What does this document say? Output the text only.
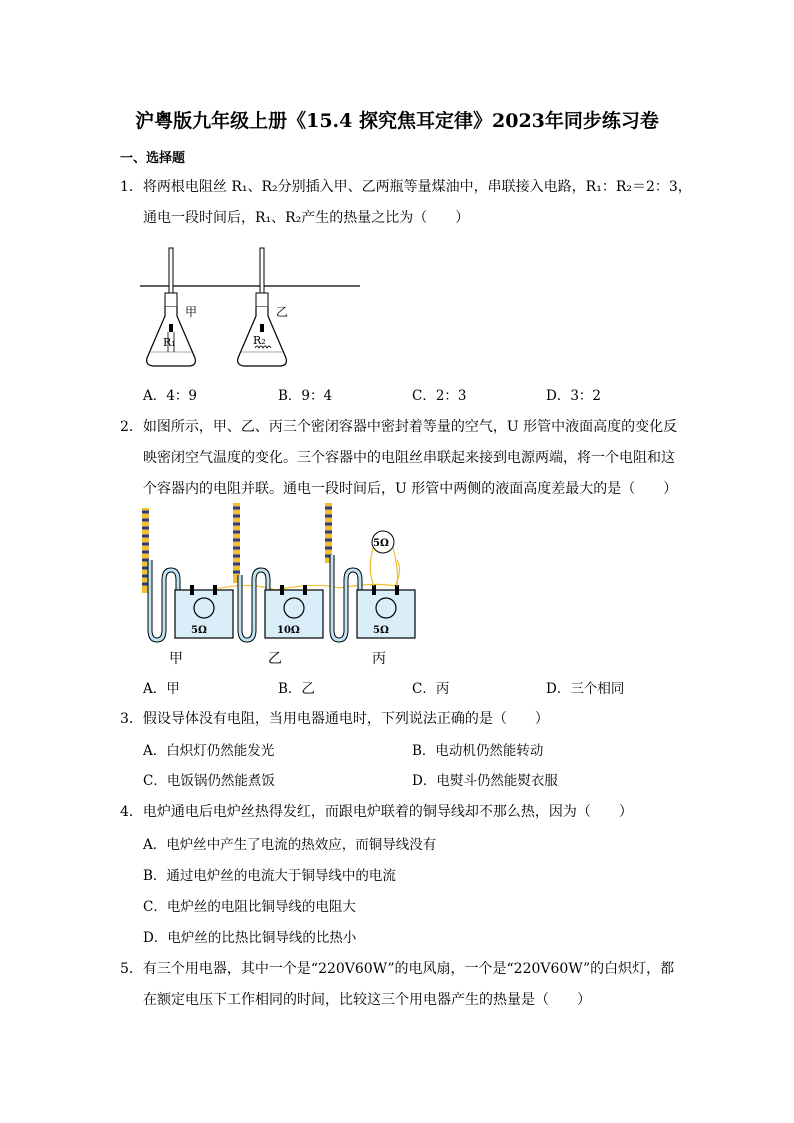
沪粤版九年级上册《15.4 探究焦耳定律》2023年同步练习卷
一、选择题
1．将两根电阻丝 R₁、R₂分别插入甲、乙两瓶等量煤油中，串联接入电路，R₁：R₂＝2：3，
通电一段时间后，R₁、R₂产生的热量之比为（　　）
R₁
甲
R₂
乙
A．4：9	B．9：4	C．2：3	D．3：2
2．如图所示，甲、乙、丙三个密闭容器中密封着等量的空气，U 形管中液面高度的变化反
映密闭空气温度的变化。三个容器中的电阻丝串联起来接到电源两端，将一个电阻和这
个容器内的电阻并联。通电一段时间后，U 形管中两侧的液面高度差最大的是（　　）
5Ω
甲
10Ω
乙
5Ω
5Ω
丙
A．甲	B．乙	C．丙	D．三个相同
3．假设导体没有电阻，当用电器通电时，下列说法正确的是（　　）
A．白炽灯仍然能发光	B．电动机仍然能转动
C．电饭锅仍然能煮饭	D．电熨斗仍然能熨衣服
4．电炉通电后电炉丝热得发红，而跟电炉联着的铜导线却不那么热，因为（　　）
A．电炉丝中产生了电流的热效应，而铜导线没有
B．通过电炉丝的电流大于铜导线中的电流
C．电炉丝的电阻比铜导线的电阻大
D．电炉丝的比热比铜导线的比热小
5．有三个用电器，其中一个是“220V60W”的电风扇，一个是“220V60W”的白炽灯，都
在额定电压下工作相同的时间，比较这三个用电器产生的热量是（　　）
